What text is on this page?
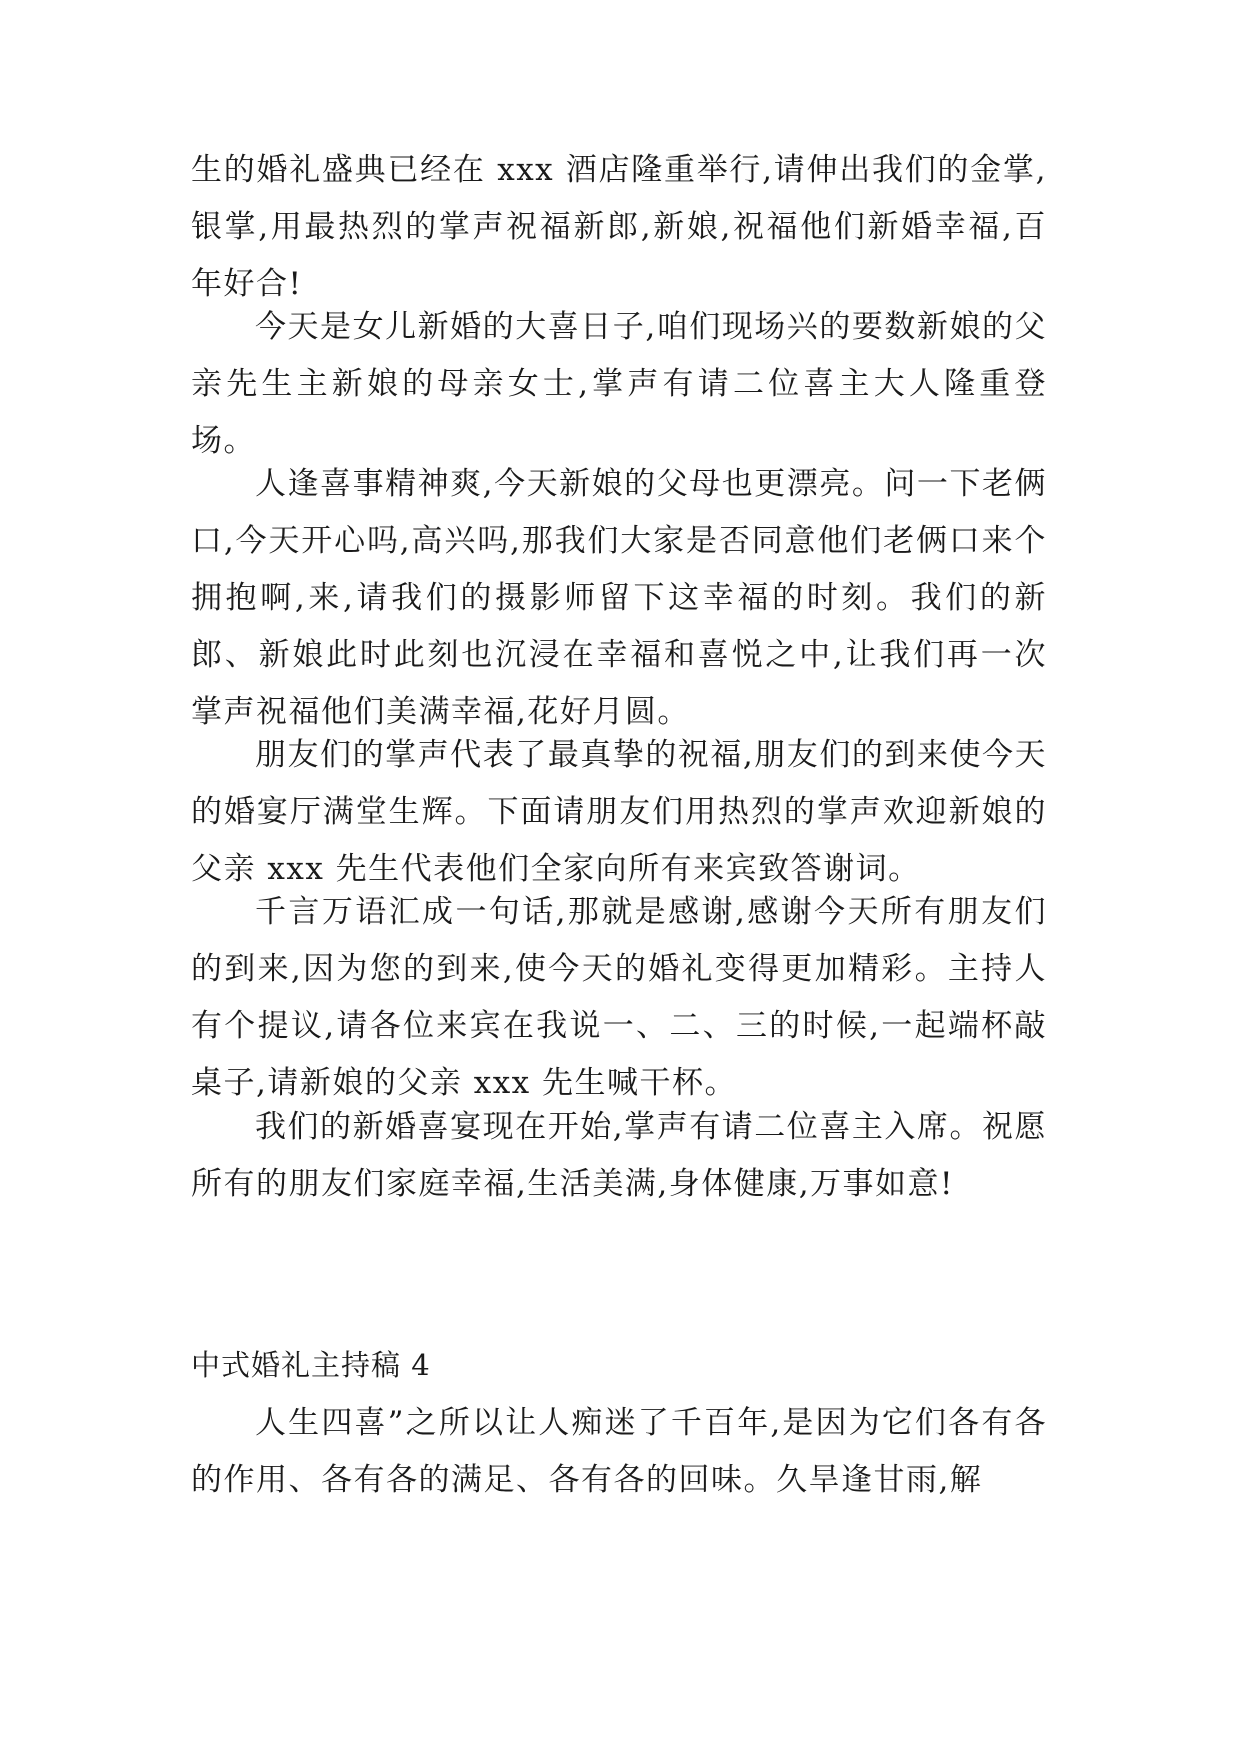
生的婚礼盛典已经在 xxx 酒店隆重举行,请伸出我们的金掌,银掌,用最热烈的掌声祝福新郎,新娘,祝福他们新婚幸福,百年好合!

今天是女儿新婚的大喜日子,咱们现场兴的要数新娘的父亲先生主新娘的母亲女士,掌声有请二位喜主大人隆重登场。

人逢喜事精神爽,今天新娘的父母也更漂亮。问一下老俩口,今天开心吗,高兴吗,那我们大家是否同意他们老俩口来个拥抱啊,来,请我们的摄影师留下这幸福的时刻。我们的新郎、新娘此时此刻也沉浸在幸福和喜悦之中,让我们再一次掌声祝福他们美满幸福,花好月圆。

朋友们的掌声代表了最真挚的祝福,朋友们的到来使今天的婚宴厅满堂生辉。下面请朋友们用热烈的掌声欢迎新娘的父亲 xxx 先生代表他们全家向所有来宾致答谢词。

千言万语汇成一句话,那就是感谢,感谢今天所有朋友们的到来,因为您的到来,使今天的婚礼变得更加精彩。主持人有个提议,请各位来宾在我说一、二、三的时候,一起端杯敲桌子,请新娘的父亲 xxx 先生喊干杯。

我们的新婚喜宴现在开始,掌声有请二位喜主入席。祝愿所有的朋友们家庭幸福,生活美满,身体健康,万事如意!

中式婚礼主持稿 4

人生四喜”之所以让人痴迷了千百年,是因为它们各有各的作用、各有各的满足、各有各的回味。久旱逢甘雨,解
